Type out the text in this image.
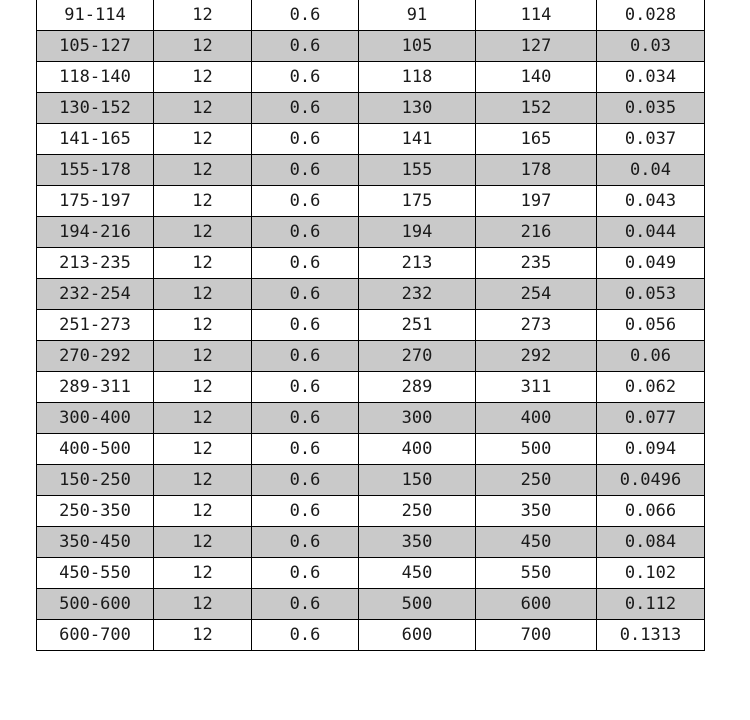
91-114	12	0.6	91	114	0.028
105-127	12	0.6	105	127	0.03
118-140	12	0.6	118	140	0.034
130-152	12	0.6	130	152	0.035
141-165	12	0.6	141	165	0.037
155-178	12	0.6	155	178	0.04
175-197	12	0.6	175	197	0.043
194-216	12	0.6	194	216	0.044
213-235	12	0.6	213	235	0.049
232-254	12	0.6	232	254	0.053
251-273	12	0.6	251	273	0.056
270-292	12	0.6	270	292	0.06
289-311	12	0.6	289	311	0.062
300-400	12	0.6	300	400	0.077
400-500	12	0.6	400	500	0.094
150-250	12	0.6	150	250	0.0496
250-350	12	0.6	250	350	0.066
350-450	12	0.6	350	450	0.084
450-550	12	0.6	450	550	0.102
500-600	12	0.6	500	600	0.112
600-700	12	0.6	600	700	0.1313
